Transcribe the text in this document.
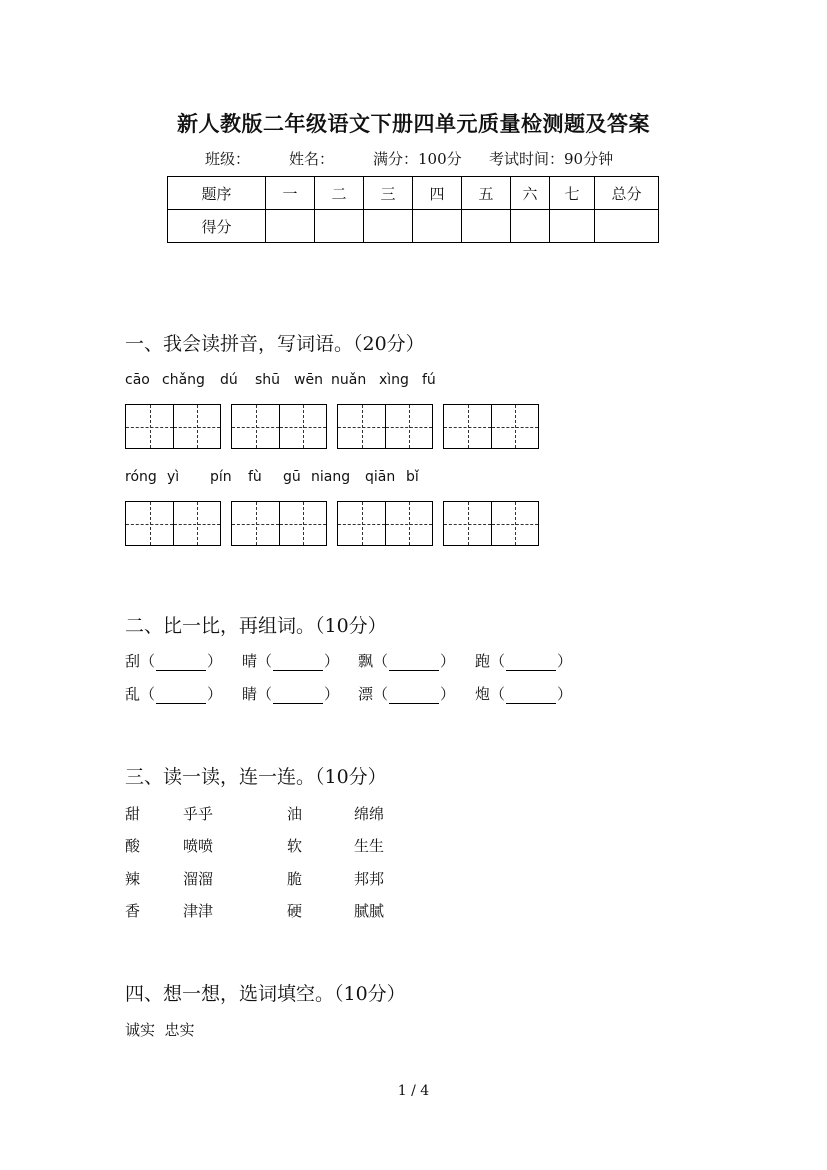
新人教版二年级语文下册四单元质量检测题及答案
班级：	姓名：	满分：100分 考试时间：90分钟
题序	一	二	三	四	五	六	七	总分
得分								
一、我会读拼音，写词语。（20分）
cāo chǎng dú shū wēn nuǎn xìng fú
róng yì pín fù gū niang qiān bǐ
二、比一比，再组词。（10分）
刮（	） 晴（	） 飘（	） 跑（	）
乱（	） 睛（	） 漂（	） 炮（	）
三、读一读，连一连。（10分）
甜	乎乎	油	绵绵
酸	喷喷	软	生生
辣	溜溜	脆	邦邦
香	津津	硬	腻腻
四、想一想，选词填空。（10分）
诚实  忠实
1 / 4
